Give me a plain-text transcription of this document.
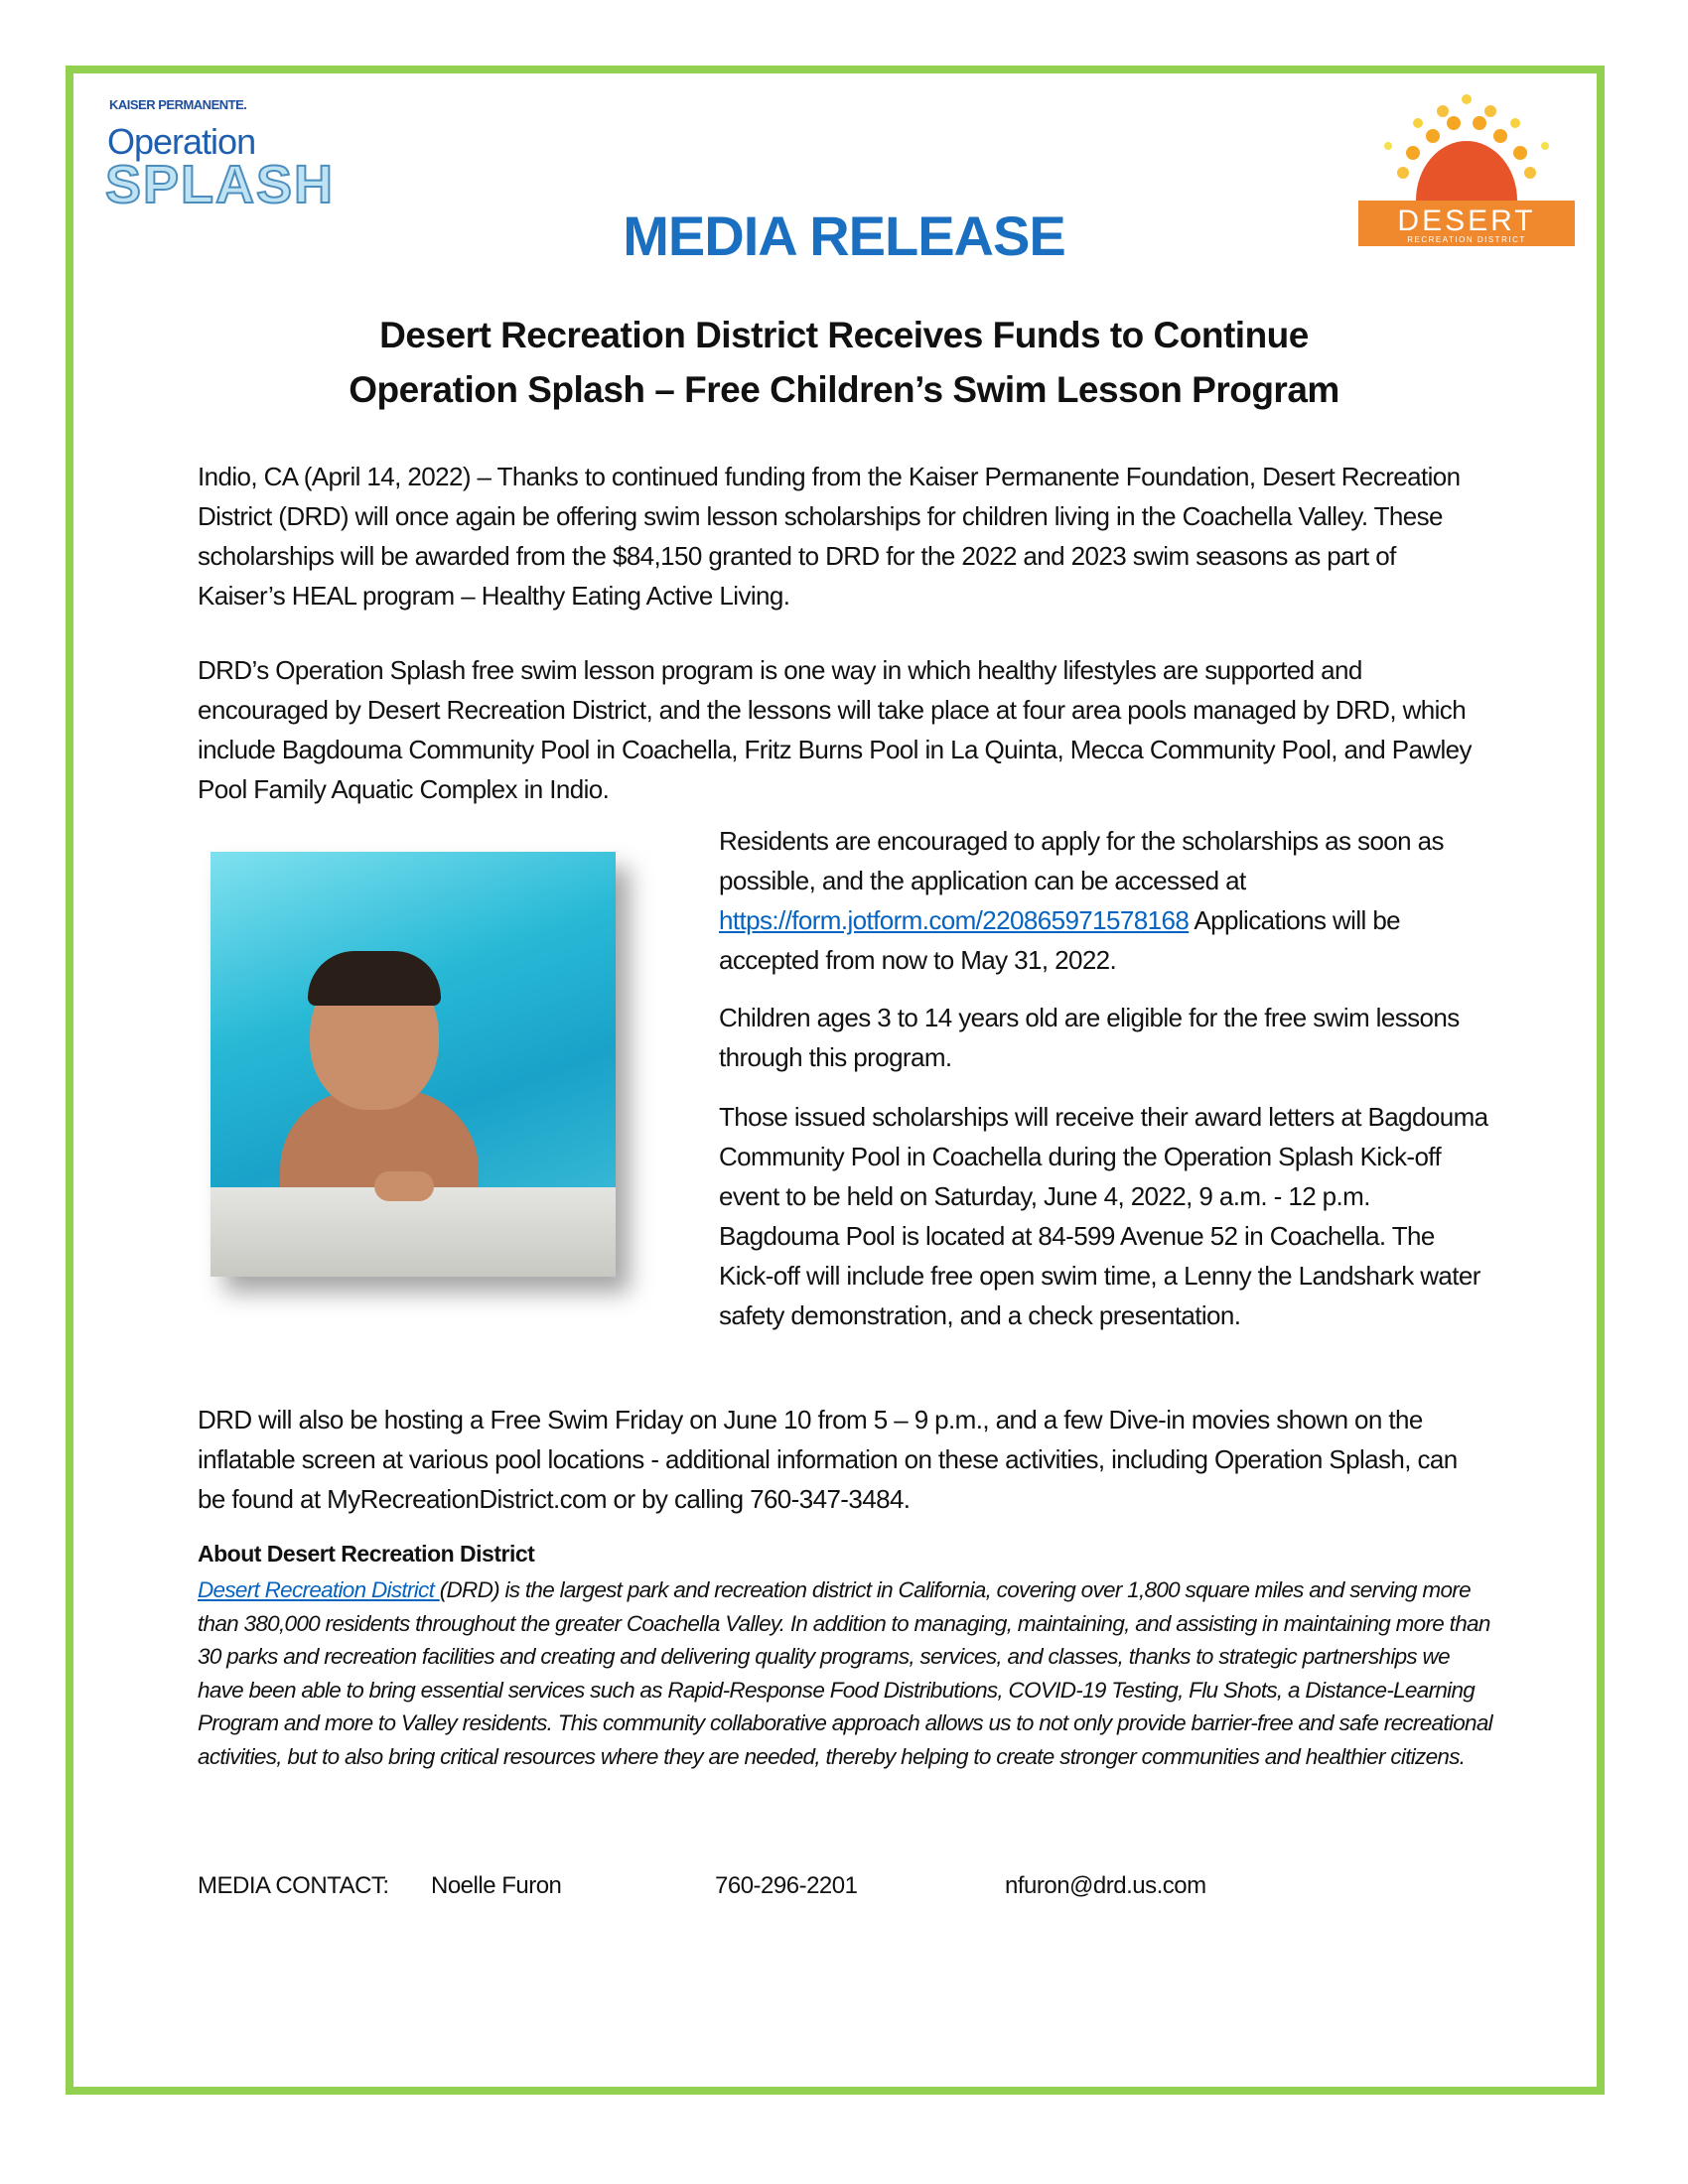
KAISER PERMANENTE.
Operation
SPLASH
DESERT
RECREATION DISTRICT
MEDIA RELEASE
Desert Recreation District Receives Funds to Continue
Operation Splash – Free Children’s Swim Lesson Program

Indio, CA (April 14, 2022) – Thanks to continued funding from the Kaiser Permanente Foundation, Desert Recreation District (DRD) will once again be offering swim lesson scholarships for children living in the Coachella Valley. These scholarships will be awarded from the $84,150 granted to DRD for the 2022 and 2023 swim seasons as part of Kaiser’s HEAL program – Healthy Eating Active Living.

DRD’s Operation Splash free swim lesson program is one way in which healthy lifestyles are supported and encouraged by Desert Recreation District, and the lessons will take place at four area pools managed by DRD, which include Bagdouma Community Pool in Coachella, Fritz Burns Pool in La Quinta, Mecca Community Pool, and Pawley Pool Family Aquatic Complex in Indio.

Residents are encouraged to apply for the scholarships as soon as possible, and the application can be accessed at https://form.jotform.com/220865971578168 Applications will be accepted from now to May 31, 2022.

Children ages 3 to 14 years old are eligible for the free swim lessons through this program.

Those issued scholarships will receive their award letters at Bagdouma Community Pool in Coachella during the Operation Splash Kick-off event to be held on Saturday, June 4, 2022, 9 a.m. - 12 p.m. Bagdouma Pool is located at 84-599 Avenue 52 in Coachella. The Kick-off will include free open swim time, a Lenny the Landshark water safety demonstration, and a check presentation.

DRD will also be hosting a Free Swim Friday on June 10 from 5 – 9 p.m., and a few Dive-in movies shown on the inflatable screen at various pool locations - additional information on these activities, including Operation Splash, can be found at MyRecreationDistrict.com or by calling 760-347-3484.

About Desert Recreation District

Desert Recreation District (DRD) is the largest park and recreation district in California, covering over 1,800 square miles and serving more than 380,000 residents throughout the greater Coachella Valley. In addition to managing, maintaining, and assisting in maintaining more than 30 parks and recreation facilities and creating and delivering quality programs, services, and classes, thanks to strategic partnerships we have been able to bring essential services such as Rapid-Response Food Distributions, COVID-19 Testing, Flu Shots, a Distance-Learning Program and more to Valley residents. This community collaborative approach allows us to not only provide barrier-free and safe recreational activities, but to also bring critical resources where they are needed, thereby helping to create stronger communities and healthier citizens.

MEDIA CONTACT: Noelle Furon	760-296-2201	nfuron@drd.us.com
